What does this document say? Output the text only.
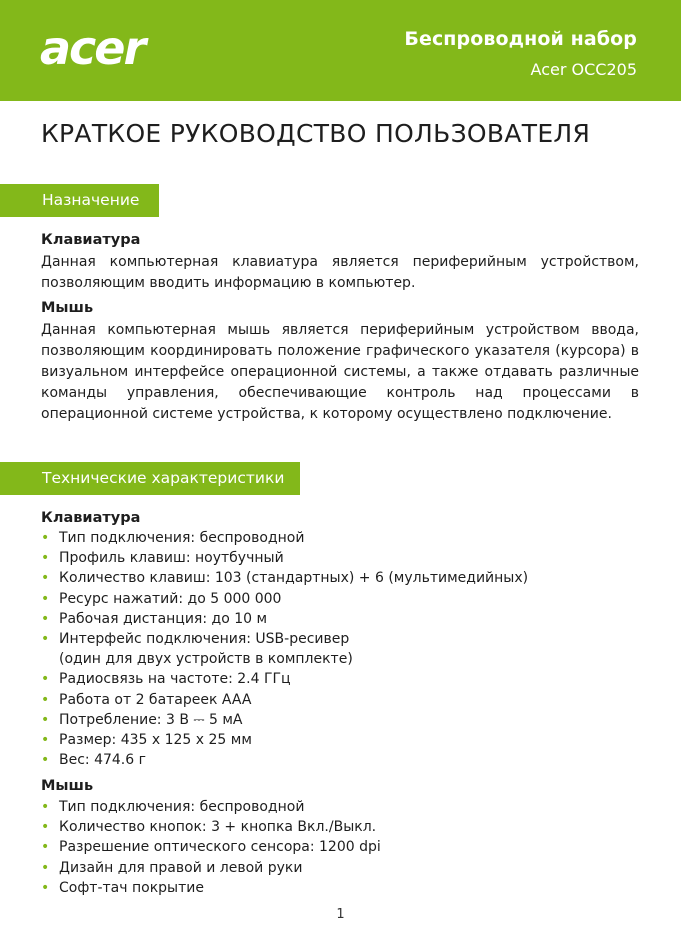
acer	Беспроводной набор
Acer OCC205
КРАТКОЕ РУКОВОДСТВО ПОЛЬЗОВАТЕЛЯ
Назначение
Клавиатура
Данная компьютерная клавиатура является периферийным устройством, позволяющим вводить информацию в компьютер.
Мышь
Данная компьютерная мышь является периферийным устройством ввода, позволяющим координировать положение графического указателя (курсора) в визуальном интерфейсе операционной системы, а также отдавать различные команды управления, обеспечивающие контроль над процессами в операционной системе устройства, к которому осуществлено подключение.
Технические характеристики
Клавиатура
• Тип подключения: беспроводной
• Профиль клавиш: ноутбучный
• Количество клавиш: 103 (стандартных) + 6 (мультимедийных)
• Ресурс нажатий: до 5 000 000
• Рабочая дистанция: до 10 м
• Интерфейс подключения: USB-ресивер
(один для двух устройств в комплекте)
• Радиосвязь на частоте: 2.4 ГГц
• Работа от 2 батареек AAA
• Потребление: 3 В ⎓ 5 мА
• Размер: 435 x 125 x 25 мм
• Вес: 474.6 г
Мышь
• Тип подключения: беспроводной
• Количество кнопок: 3 + кнопка Вкл./Выкл.
• Разрешение оптического сенсора: 1200 dpi
• Дизайн для правой и левой руки
• Софт-тач покрытие
1
